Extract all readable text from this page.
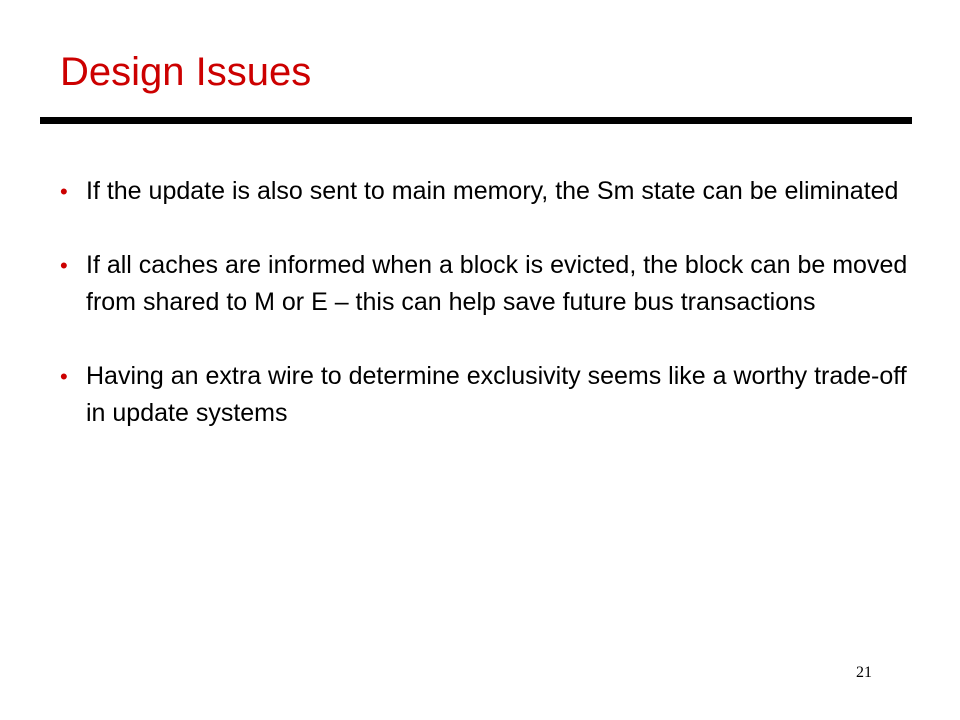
Design Issues
• If the update is also sent to main memory, the Sm state can be eliminated
• If all caches are informed when a block is evicted, the block can be moved from shared to M or E – this can help save future bus transactions
• Having an extra wire to determine exclusivity seems like a worthy trade-off in update systems
21
